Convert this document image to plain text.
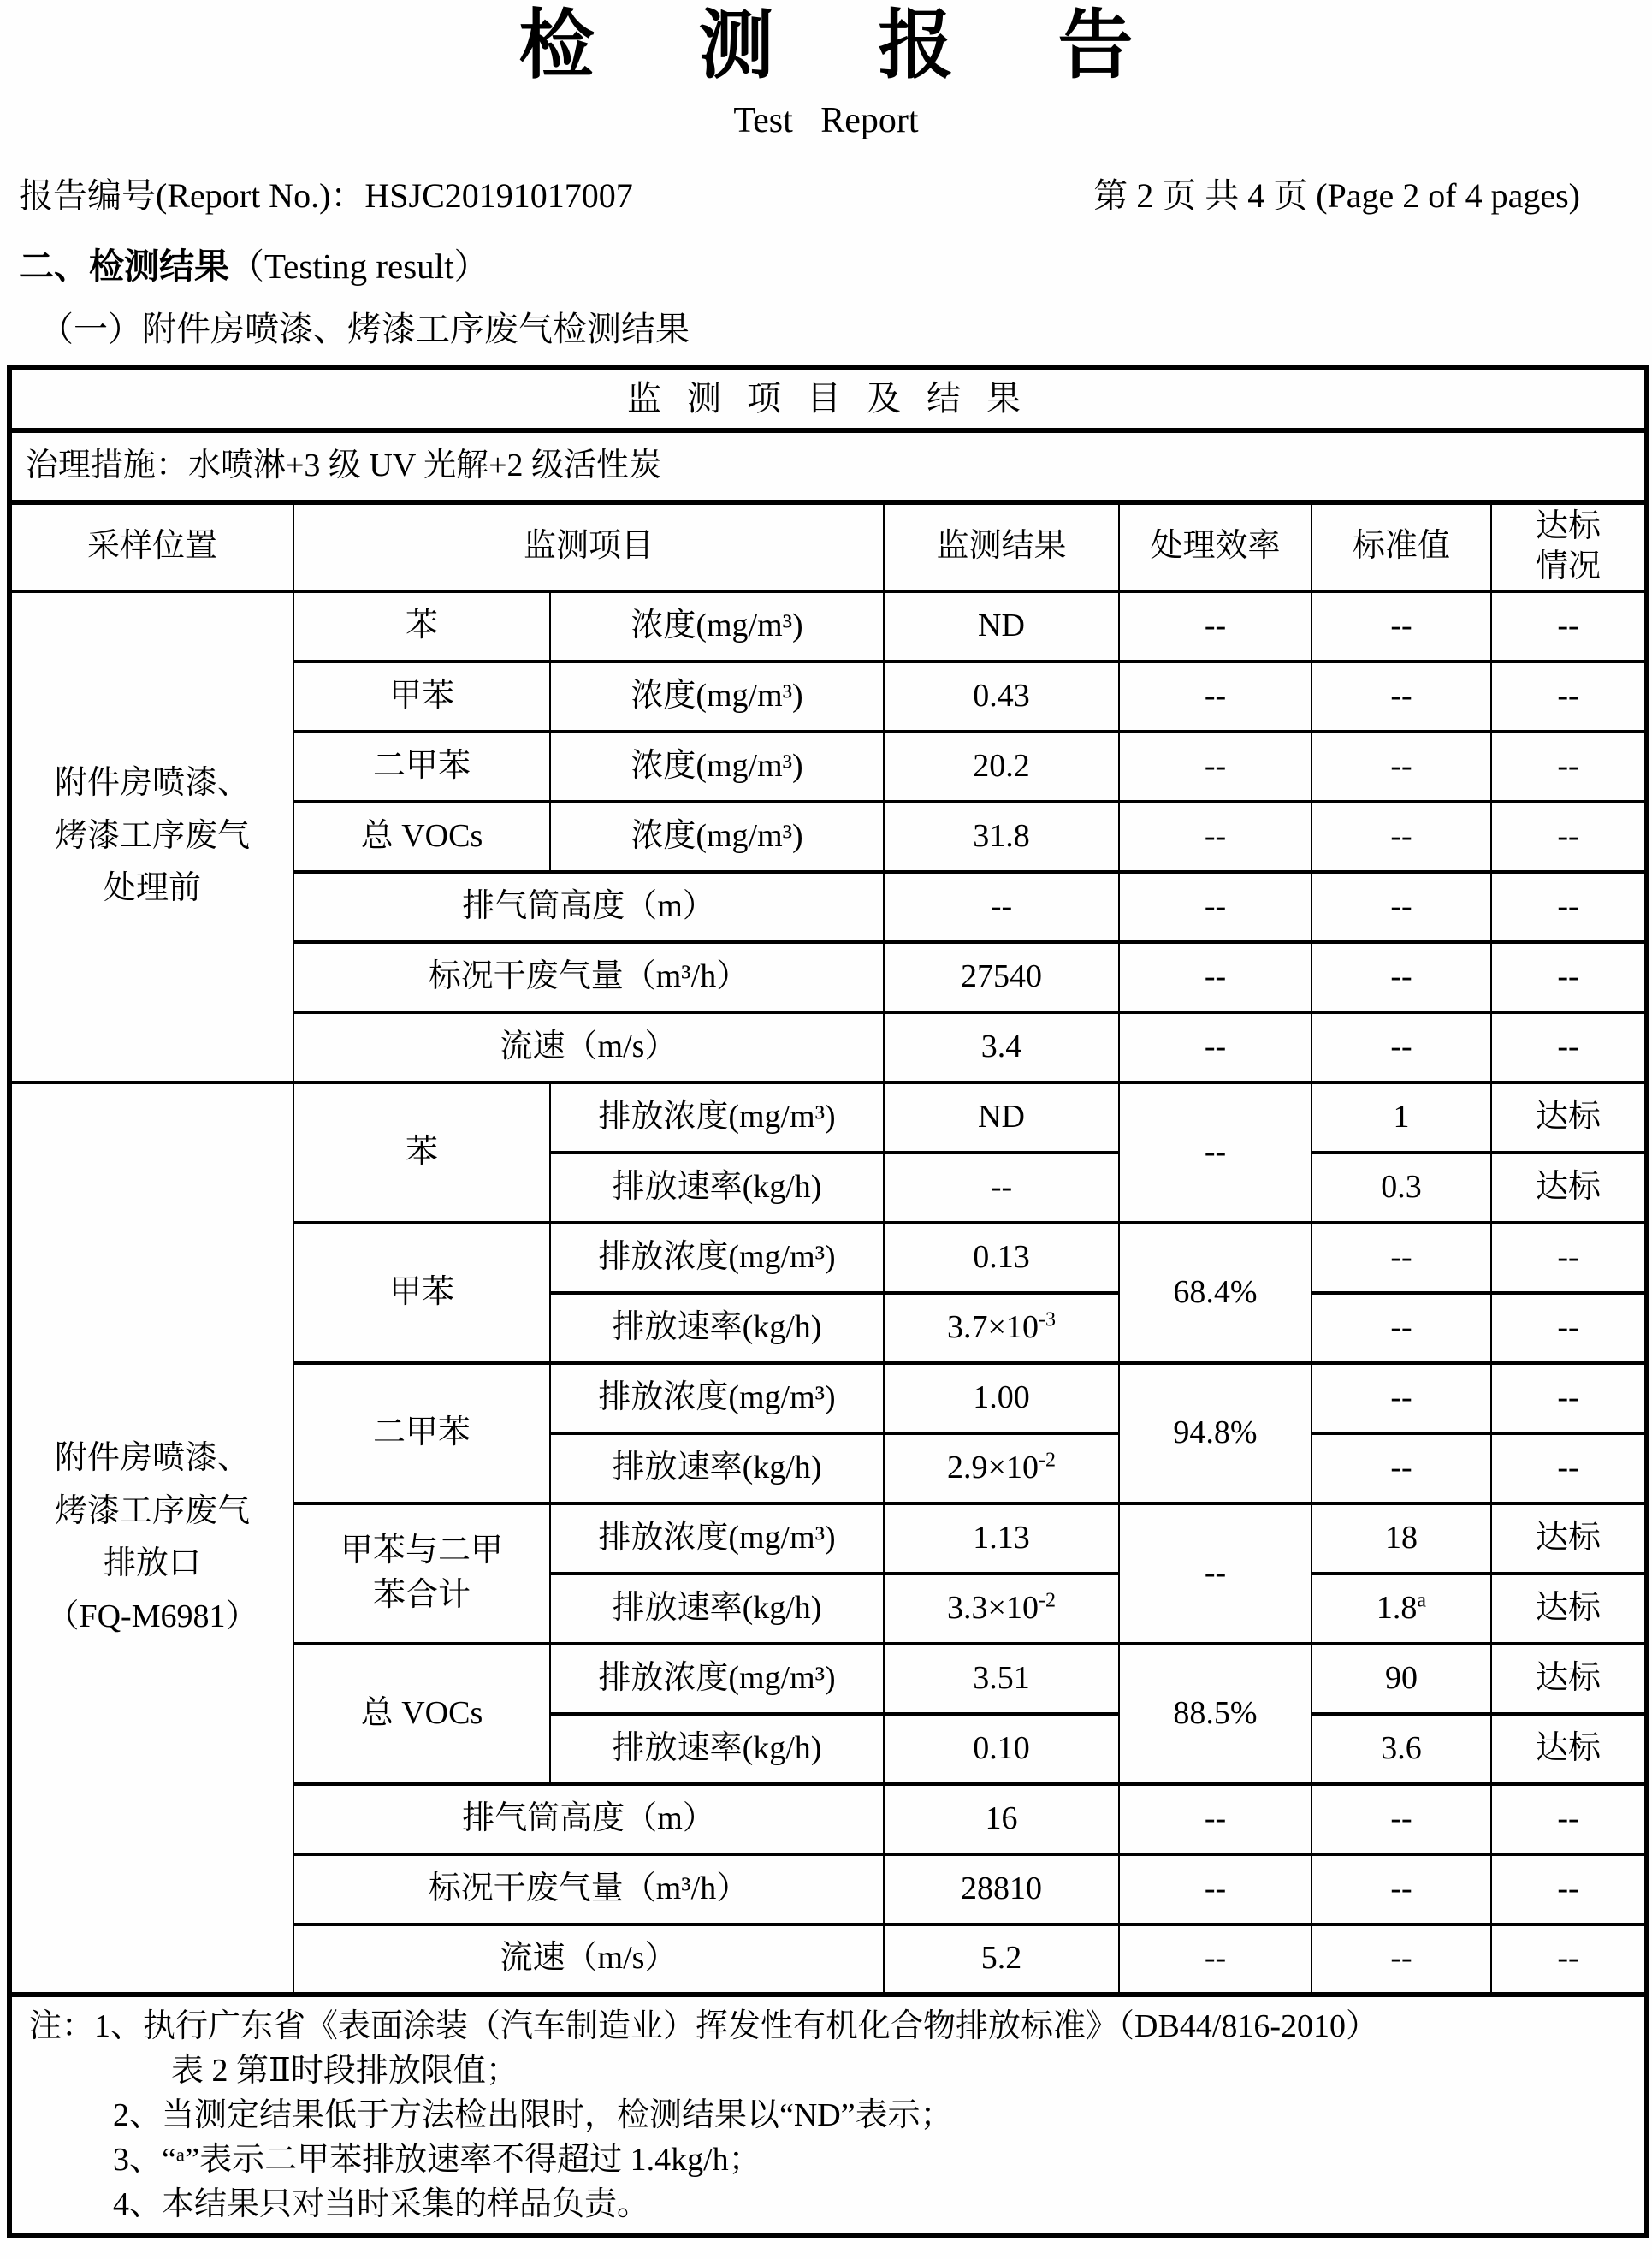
检 测 报 告
Test Report
报告编号(Report No.)：HSJC20191017007	第 2 页 共 4 页 (Page 2 of 4 pages)
二、检测结果（Testing result）
（一）附件房喷漆、烤漆工序废气检测结果
监 测 项 目 及 结 果						
治理措施：水喷淋+3 级 UV 光解+2 级活性炭						
采样位置	监测项目		监测结果	处理效率	标准值	达标情况

附件房喷漆、
烤漆工序废气
处理前	苯	浓度(mg/m³)	ND	--	--	--
	甲苯	浓度(mg/m³)	0.43	--	--	--
	二甲苯	浓度(mg/m³)	20.2	--	--	--
	总 VOCs	浓度(mg/m³)	31.8	--	--	--
	排气筒高度（m）		--	--	--	--
	标况干废气量（m³/h）		27540	--	--	--
	流速（m/s）		3.4	--	--	--

附件房喷漆、
烤漆工序废气
排放口
（FQ-M6981）	苯	排放浓度(mg/m³)	ND	--	1	达标
		排放速率(kg/h)	--		0.3	达标

	甲苯	排放浓度(mg/m³)	0.13	68.4%	--	--
		排放速率(kg/h)	$3.7\times 10^{-3}$		--	--

	二甲苯	排放浓度(mg/m³)	1.00	94.8%	--	--
		排放速率(kg/h)	$2.9\times 10^{-2}$		--	--

	甲苯与二甲
苯合计	排放浓度(mg/m³)	1.13	--	18	达标
		排放速率(kg/h)	$3.3\times 10^{-2}$		1.8$^a$	达标

	总 VOCs	排放浓度(mg/m³)	3.51	88.5%	90	达标
		排放速率(kg/h)	0.10		3.6	达标
	排气筒高度（m）		16	--	--	--
	标况干废气量（m³/h）		28810	--	--	--
	流速（m/s）		5.2	--	--	--

注：1、执行广东省《表面涂装（汽车制造业）挥发性有机化合物排放标准》（DB44/816-2010）
表 2 第Ⅱ时段排放限值；
2、当测定结果低于方法检出限时，检测结果以“ND”表示；
3、“ᵃ”表示二甲苯排放速率不得超过 1.4kg/h；
4、本结果只对当时采集的样品负责。						
